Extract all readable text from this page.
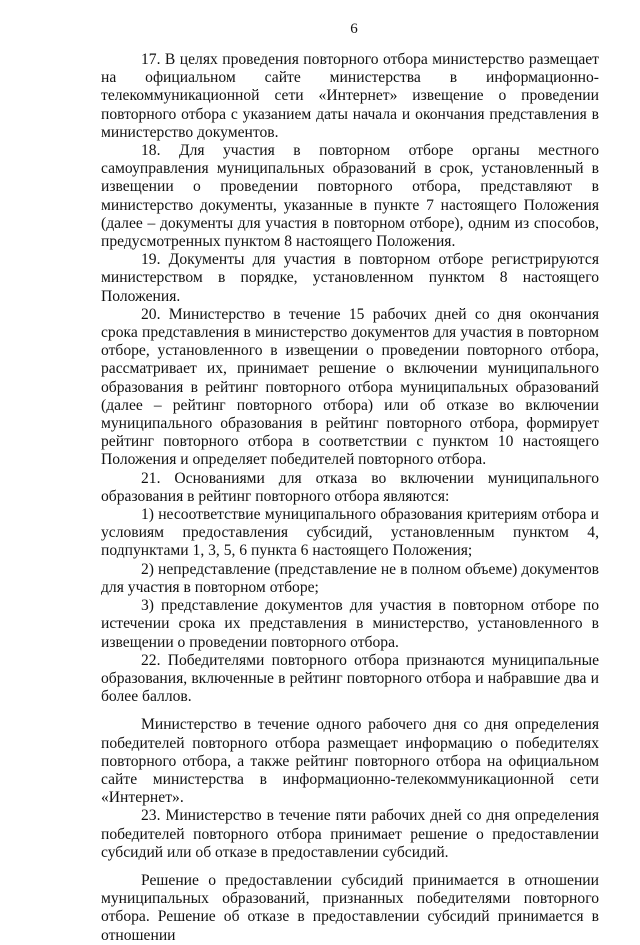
6

17. В целях проведения повторного отбора министерство размещает на официальном сайте министерства в информационно-телекоммуникационной сети «Интернет» извещение о проведении повторного отбора с указанием даты начала и окончания представления в министерство документов.

18. Для участия в повторном отборе органы местного самоуправления муниципальных образований в срок, установленный в извещении о проведении повторного отбора, представляют в министерство документы, указанные в пункте 7 настоящего Положения (далее – документы для участия в повторном отборе), одним из способов, предусмотренных пунктом 8 настоящего Положения.

19. Документы для участия в повторном отборе регистрируются министерством в порядке, установленном пунктом 8 настоящего Положения.

20. Министерство в течение 15 рабочих дней со дня окончания срока представления в министерство документов для участия в повторном отборе, установленного в извещении о проведении повторного отбора, рассматривает их, принимает решение о включении муниципального образования в рейтинг повторного отбора муниципальных образований (далее – рейтинг повторного отбора) или об отказе во включении муниципального образования в рейтинг повторного отбора, формирует рейтинг повторного отбора в соответствии с пунктом 10 настоящего Положения и определяет победителей повторного отбора.

21. Основаниями для отказа во включении муниципального образования в рейтинг повторного отбора являются:

1) несоответствие муниципального образования критериям отбора и условиям предоставления субсидий, установленным пунктом 4, подпунктами 1, 3, 5, 6 пункта 6 настоящего Положения;

2) непредставление (представление не в полном объеме) документов для участия в повторном отборе;

3) представление документов для участия в повторном отборе по истечении срока их представления в министерство, установленного в извещении о проведении повторного отбора.

22. Победителями повторного отбора признаются муниципальные образования, включенные в рейтинг повторного отбора и набравшие два и более баллов.

Министерство в течение одного рабочего дня со дня определения победителей повторного отбора размещает информацию о победителях повторного отбора, а также рейтинг повторного отбора на официальном сайте министерства в информационно-телекоммуникационной сети «Интернет».

23. Министерство в течение пяти рабочих дней со дня определения победителей повторного отбора принимает решение о предоставлении субсидий или об отказе в предоставлении субсидий.

Решение о предоставлении субсидий принимается в отношении муниципальных образований, признанных победителями повторного отбора. Решение об отказе в предоставлении субсидий принимается в отношении
